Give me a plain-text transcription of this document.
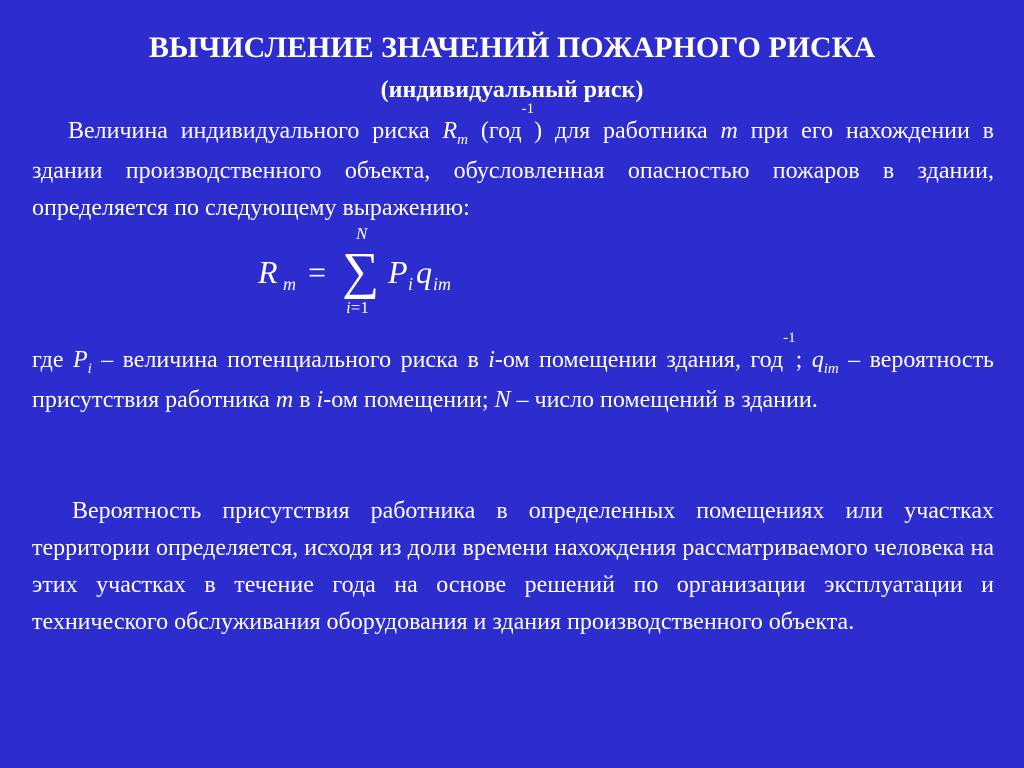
ВЫЧИСЛЕНИЕ ЗНАЧЕНИЙ ПОЖАРНОГО РИСКА
(индивидуальный риск)
Величина индивидуального риска $R_m$ (год$^{-1}$) для работника m при его нахождении в здании производственного объекта, обусловленная опасностью пожаров в здании, определяется по следующему выражению:
R m =
N
∑
i=1
P i q im
где $P_i$ – величина потенциального риска в i-ом помещении здания, год$^{-1}$; $q_{im}$ – вероятность присутствия работника m в i-ом помещении; N – число помещений в здании.
Вероятность присутствия работника в определенных помещениях или участках территории определяется, исходя из доли времени нахождения рассматриваемого человека на этих участках в течение года на основе решений по организации эксплуатации и технического обслуживания оборудования и здания производственного объекта.
